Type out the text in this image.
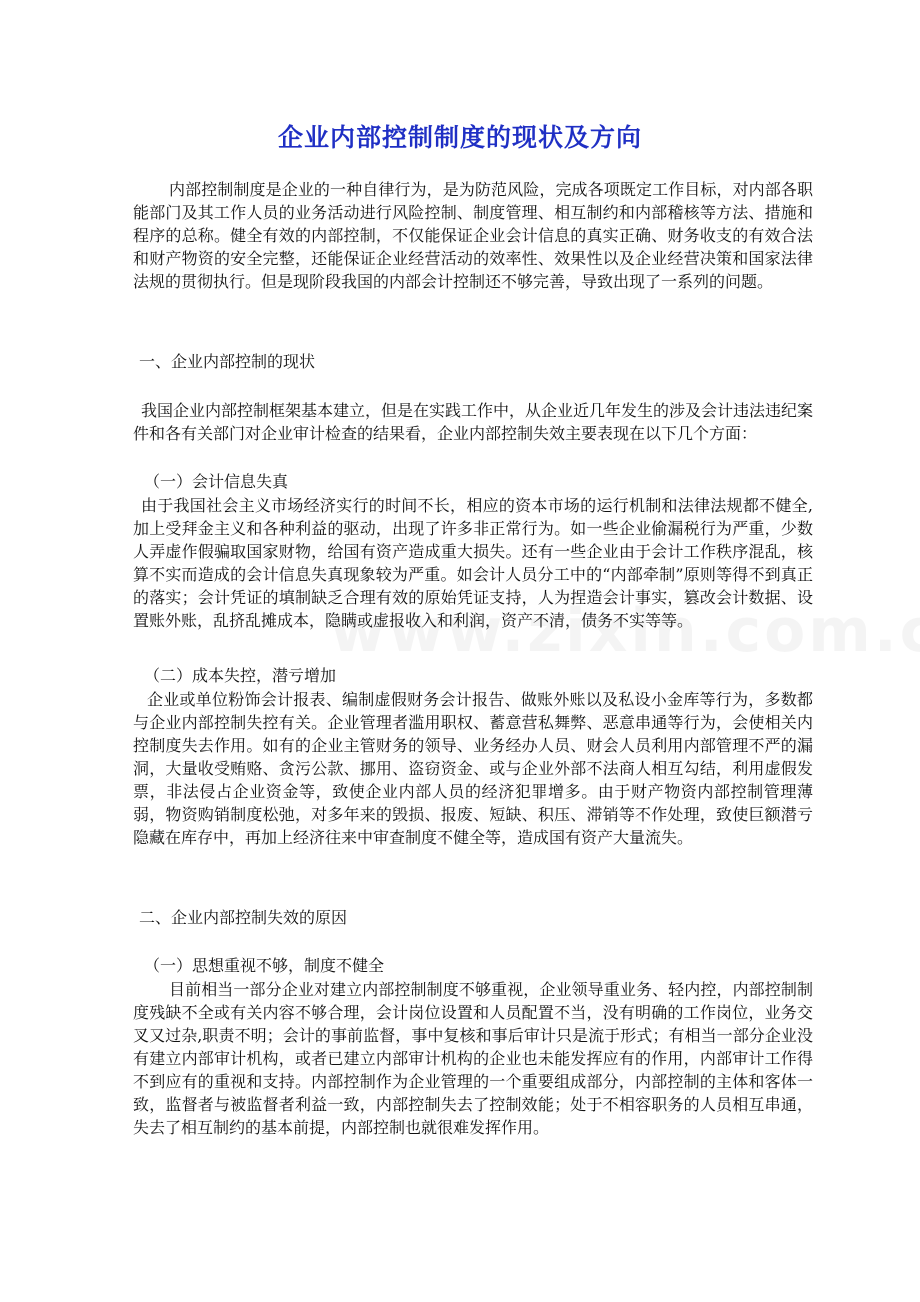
企业内部控制制度的现状及方向
内部控制制度是企业的一种自律行为，是为防范风险，完成各项既定工作目标，对内部各职能部门及其工作人员的业务活动进行风险控制、制度管理、相互制约和内部稽核等方法、措施和程序的总称。健全有效的内部控制，不仅能保证企业会计信息的真实正确、财务收支的有效合法和财产物资的安全完整，还能保证企业经营活动的效率性、效果性以及企业经营决策和国家法律法规的贯彻执行。但是现阶段我国的内部会计控制还不够完善，导致出现了一系列的问题。
一、企业内部控制的现状
我国企业内部控制框架基本建立，但是在实践工作中，从企业近几年发生的涉及会计违法违纪案件和各有关部门对企业审计检查的结果看，企业内部控制失效主要表现在以下几个方面：
（一）会计信息失真
由于我国社会主义市场经济实行的时间不长，相应的资本市场的运行机制和法律法规都不健全,加上受拜金主义和各种利益的驱动，出现了许多非正常行为。如一些企业偷漏税行为严重，少数人弄虚作假骗取国家财物，给国有资产造成重大损失。还有一些企业由于会计工作秩序混乱，核算不实而造成的会计信息失真现象较为严重。如会计人员分工中的“内部牵制”原则等得不到真正的落实；会计凭证的填制缺乏合理有效的原始凭证支持，人为捏造会计事实，篡改会计数据、设置账外账，乱挤乱摊成本，隐瞒或虚报收入和利润，资产不清，债务不实等等。
（二）成本失控，潜亏增加
企业或单位粉饰会计报表、编制虚假财务会计报告、做账外账以及私设小金库等行为，多数都与企业内部控制失控有关。企业管理者滥用职权、蓄意营私舞弊、恶意串通等行为，会使相关内控制度失去作用。如有的企业主管财务的领导、业务经办人员、财会人员利用内部管理不严的漏洞，大量收受贿赂、贪污公款、挪用、盗窃资金、或与企业外部不法商人相互勾结，利用虚假发票，非法侵占企业资金等，致使企业内部人员的经济犯罪增多。由于财产物资内部控制管理薄弱，物资购销制度松弛，对多年来的毁损、报废、短缺、积压、滞销等不作处理，致使巨额潜亏隐藏在库存中，再加上经济往来中审查制度不健全等，造成国有资产大量流失。
二、企业内部控制失效的原因
（一）思想重视不够，制度不健全
目前相当一部分企业对建立内部控制制度不够重视，企业领导重业务、轻内控，内部控制制度残缺不全或有关内容不够合理，会计岗位设置和人员配置不当，没有明确的工作岗位，业务交叉又过杂,职责不明；会计的事前监督，事中复核和事后审计只是流于形式；有相当一部分企业没有建立内部审计机构，或者已建立内部审计机构的企业也未能发挥应有的作用，内部审计工作得不到应有的重视和支持。内部控制作为企业管理的一个重要组成部分，内部控制的主体和客体一致，监督者与被监督者利益一致，内部控制失去了控制效能；处于不相容职务的人员相互串通，失去了相互制约的基本前提，内部控制也就很难发挥作用。
